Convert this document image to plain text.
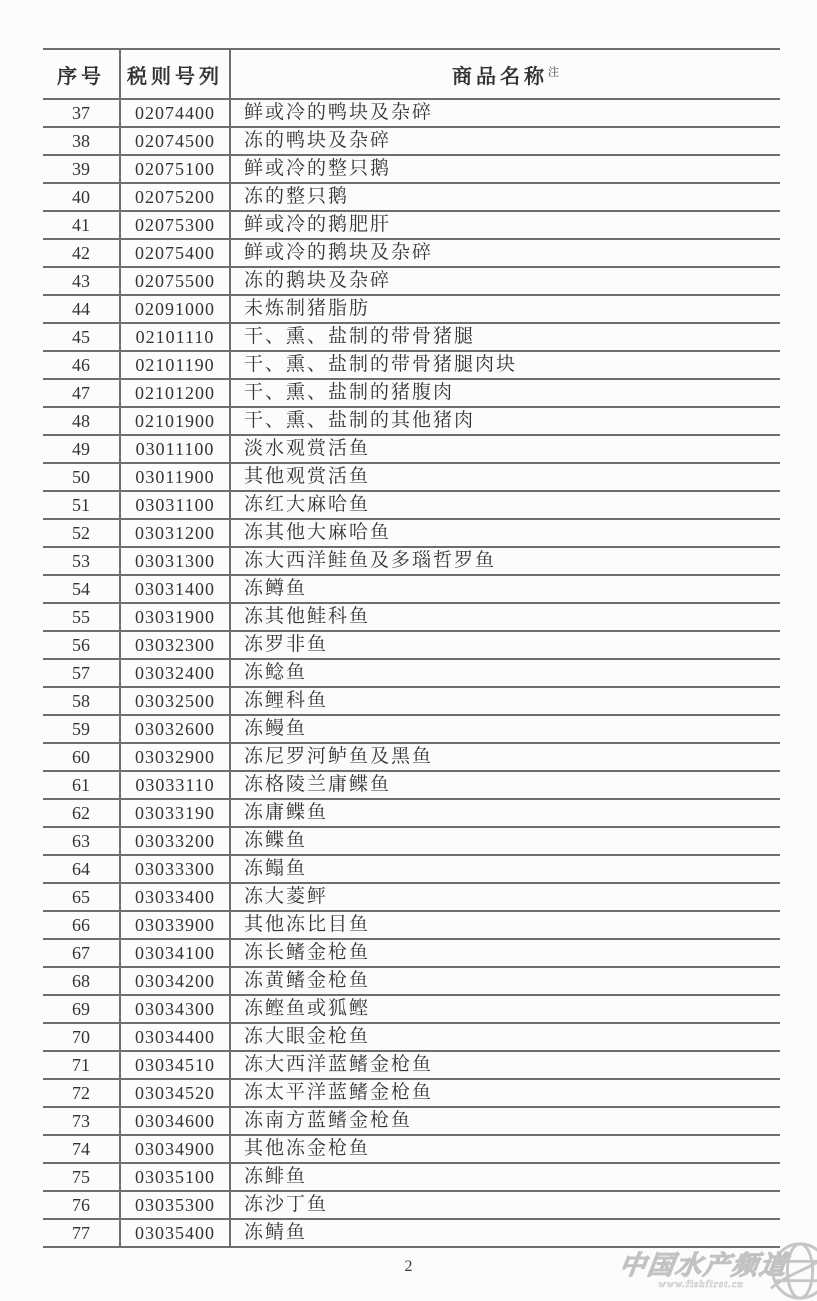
序号	税则号列	商品名称$^注$
37	02074400	鲜或冷的鸭块及杂碎
38	02074500	冻的鸭块及杂碎
39	02075100	鲜或冷的整只鹅
40	02075200	冻的整只鹅
41	02075300	鲜或冷的鹅肥肝
42	02075400	鲜或冷的鹅块及杂碎
43	02075500	冻的鹅块及杂碎
44	02091000	未炼制猪脂肪
45	02101110	干、熏、盐制的带骨猪腿
46	02101190	干、熏、盐制的带骨猪腿肉块
47	02101200	干、熏、盐制的猪腹肉
48	02101900	干、熏、盐制的其他猪肉
49	03011100	淡水观赏活鱼
50	03011900	其他观赏活鱼
51	03031100	冻红大麻哈鱼
52	03031200	冻其他大麻哈鱼
53	03031300	冻大西洋鲑鱼及多瑙哲罗鱼
54	03031400	冻鳟鱼
55	03031900	冻其他鲑科鱼
56	03032300	冻罗非鱼
57	03032400	冻鲶鱼
58	03032500	冻鲤科鱼
59	03032600	冻鳗鱼
60	03032900	冻尼罗河鲈鱼及黑鱼
61	03033110	冻格陵兰庸鲽鱼
62	03033190	冻庸鲽鱼
63	03033200	冻鲽鱼
64	03033300	冻鳎鱼
65	03033400	冻大菱鲆
66	03033900	其他冻比目鱼
67	03034100	冻长鳍金枪鱼
68	03034200	冻黄鳍金枪鱼
69	03034300	冻鲣鱼或狐鲣
70	03034400	冻大眼金枪鱼
71	03034510	冻大西洋蓝鳍金枪鱼
72	03034520	冻太平洋蓝鳍金枪鱼
73	03034600	冻南方蓝鳍金枪鱼
74	03034900	其他冻金枪鱼
75	03035100	冻鲱鱼
76	03035300	冻沙丁鱼
77	03035400	冻鲭鱼
2	中国水产频道
www.fishfirst.cn
